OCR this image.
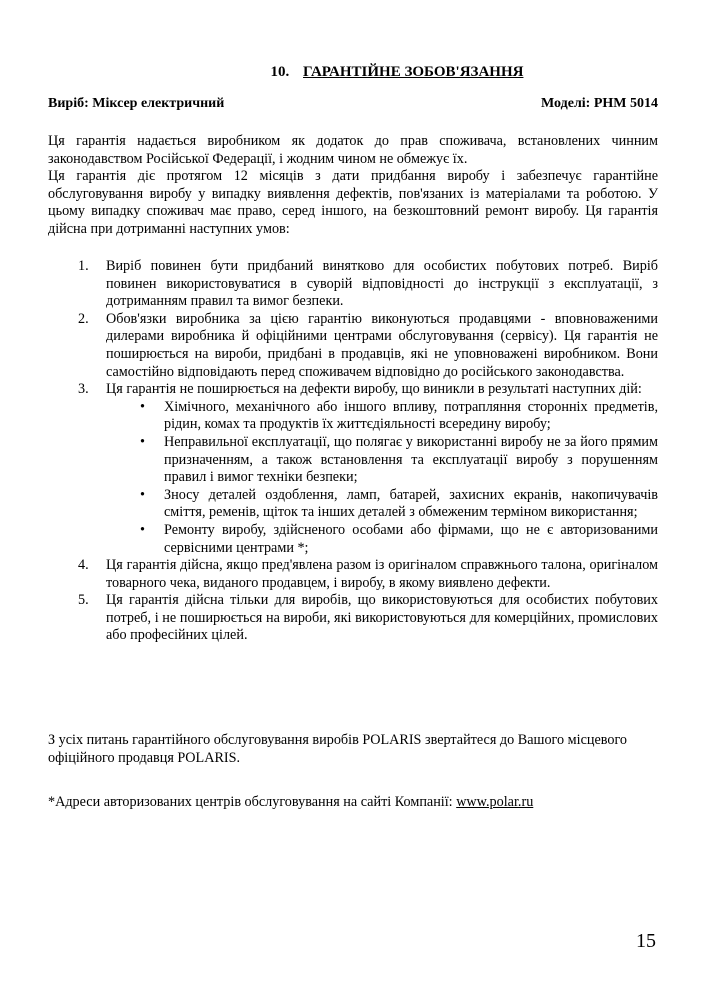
10. ГАРАНТІЙНЕ ЗОБОВ'ЯЗАННЯ
Виріб: Міксер електричний	Моделі: PHM 5014

Ця гарантія надається виробником як додаток до прав споживача, встановлених чинним законодавством Російської Федерації, і жодним чином не обмежує їх.

Ця гарантія діє протягом 12 місяців з дати придбання виробу і забезпечує гарантійне обслуговування виробу у випадку виявлення дефектів, пов'язаних із матеріалами та роботою. У цьому випадку споживач має право, серед іншого, на безкоштовний ремонт виробу. Ця гарантія дійсна при дотриманні наступних умов:

1. Виріб повинен бути придбаний винятково для особистих побутових потреб. Виріб повинен використовуватися в суворій відповідності до інструкції з експлуатації, з дотриманням правил та вимог безпеки.
2. Обов'язки виробника за цією гарантію виконуються продавцями - вповноваженими дилерами виробника й офіційними центрами обслуговування (сервісу). Ця гарантія не поширюється на вироби, придбані в продавців, які не уповноважені виробником. Вони самостійно відповідають перед споживачем відповідно до російського законодавства.
3. Ця гарантія не поширюється на дефекти виробу, що виникли в результаті наступних дій:
• Хімічного, механічного або іншого впливу, потрапляння сторонніх предметів, рідин, комах та продуктів їх життєдіяльності всередину виробу;
• Неправильної експлуатації, що полягає у використанні виробу не за його прямим призначенням, а також встановлення та експлуатації виробу з порушенням правил і вимог техніки безпеки;
• Зносу деталей оздоблення, ламп, батарей, захисних екранів, накопичувачів сміття, ременів, щіток та інших деталей з обмеженим терміном використання;
• Ремонту виробу, здійсненого особами або фірмами, що не є авторизованими сервісними центрами *;
4. Ця гарантія дійсна, якщо пред'явлена разом із оригіналом справжнього талона, оригіналом товарного чека, виданого продавцем, і виробу, в якому виявлено дефекти.
5. Ця гарантія дійсна тільки для виробів, що використовуються для особистих побутових потреб, і не поширюється на вироби, які використовуються для комерційних, промислових або професійних цілей.
З усіх питань гарантійного обслуговування виробів POLARIS звертайтеся до Вашого місцевого офіційного продавця POLARIS.
*Адреси авторизованих центрів обслуговування на сайті Компанії: www.polar.ru
15
